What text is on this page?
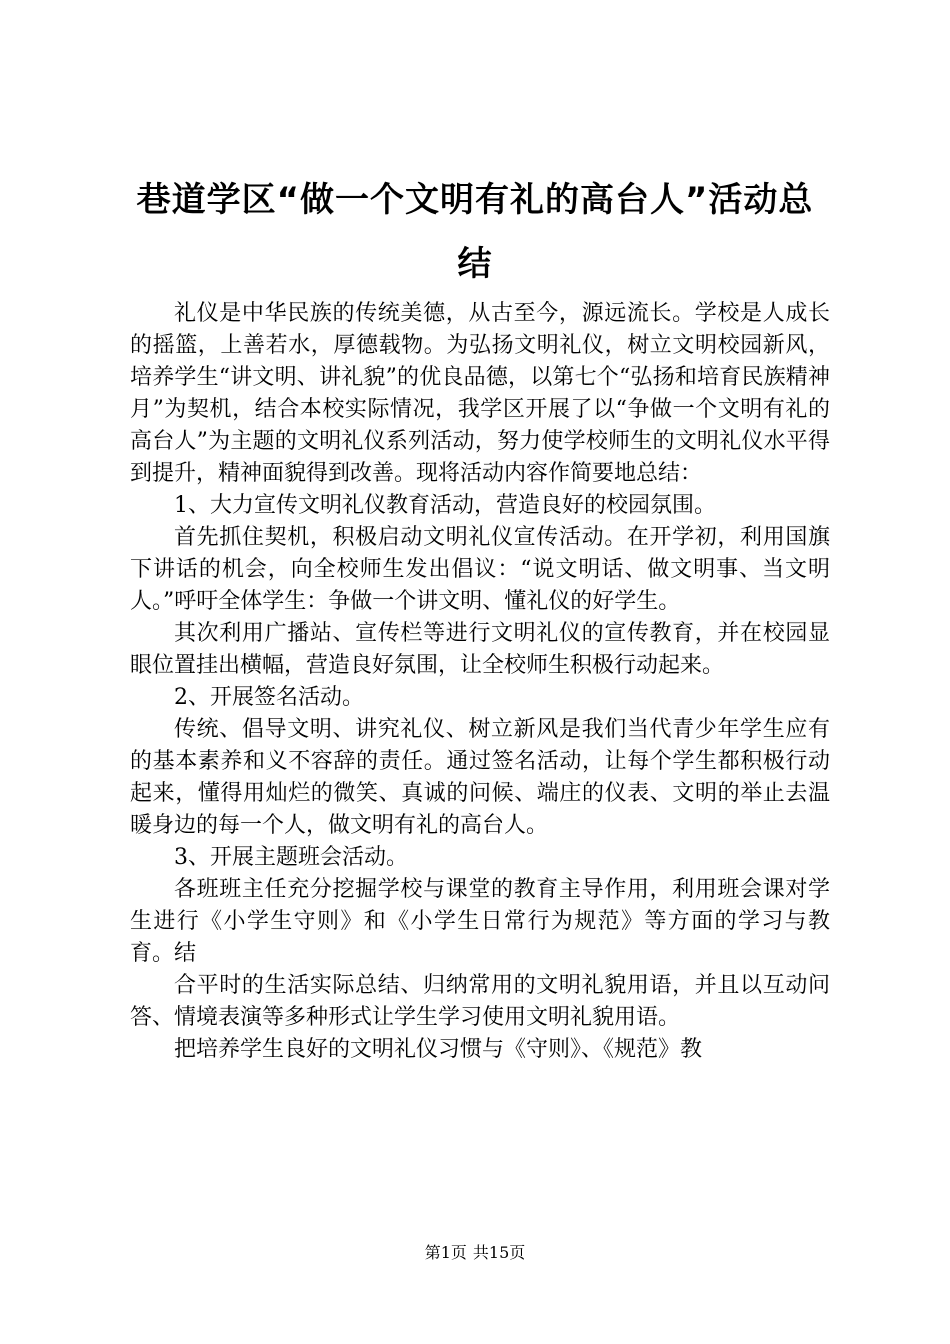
巷道学区“做一个文明有礼的高台人”活动总结

礼仪是中华民族的传统美德，从古至今，源远流长。学校是人成长的摇篮，上善若水，厚德载物。为弘扬文明礼仪，树立文明校园新风，培养学生“讲文明、讲礼貌”的优良品德，以第七个“弘扬和培育民族精神月”为契机，结合本校实际情况，我学区开展了以“争做一个文明有礼的高台人”为主题的文明礼仪系列活动，努力使学校师生的文明礼仪水平得到提升，精神面貌得到改善。现将活动内容作简要地总结：

1、大力宣传文明礼仪教育活动，营造良好的校园氛围。

首先抓住契机，积极启动文明礼仪宣传活动。在开学初，利用国旗下讲话的机会，向全校师生发出倡议：“说文明话、做文明事、当文明人。”呼吁全体学生：争做一个讲文明、懂礼仪的好学生。

其次利用广播站、宣传栏等进行文明礼仪的宣传教育，并在校园显眼位置挂出横幅，营造良好氛围，让全校师生积极行动起来。

2、开展签名活动。

传统、倡导文明、讲究礼仪、树立新风是我们当代青少年学生应有的基本素养和义不容辞的责任。通过签名活动，让每个学生都积极行动起来，懂得用灿烂的微笑、真诚的问候、端庄的仪表、文明的举止去温暖身边的每一个人，做文明有礼的高台人。

3、开展主题班会活动。

各班班主任充分挖掘学校与课堂的教育主导作用，利用班会课对学生进行《小学生守则》和《小学生日常行为规范》等方面的学习与教育。结

合平时的生活实际总结、归纳常用的文明礼貌用语，并且以互动问答、情境表演等多种形式让学生学习使用文明礼貌用语。

把培养学生良好的文明礼仪习惯与《守则》、《规范》教

第1页 共15页
